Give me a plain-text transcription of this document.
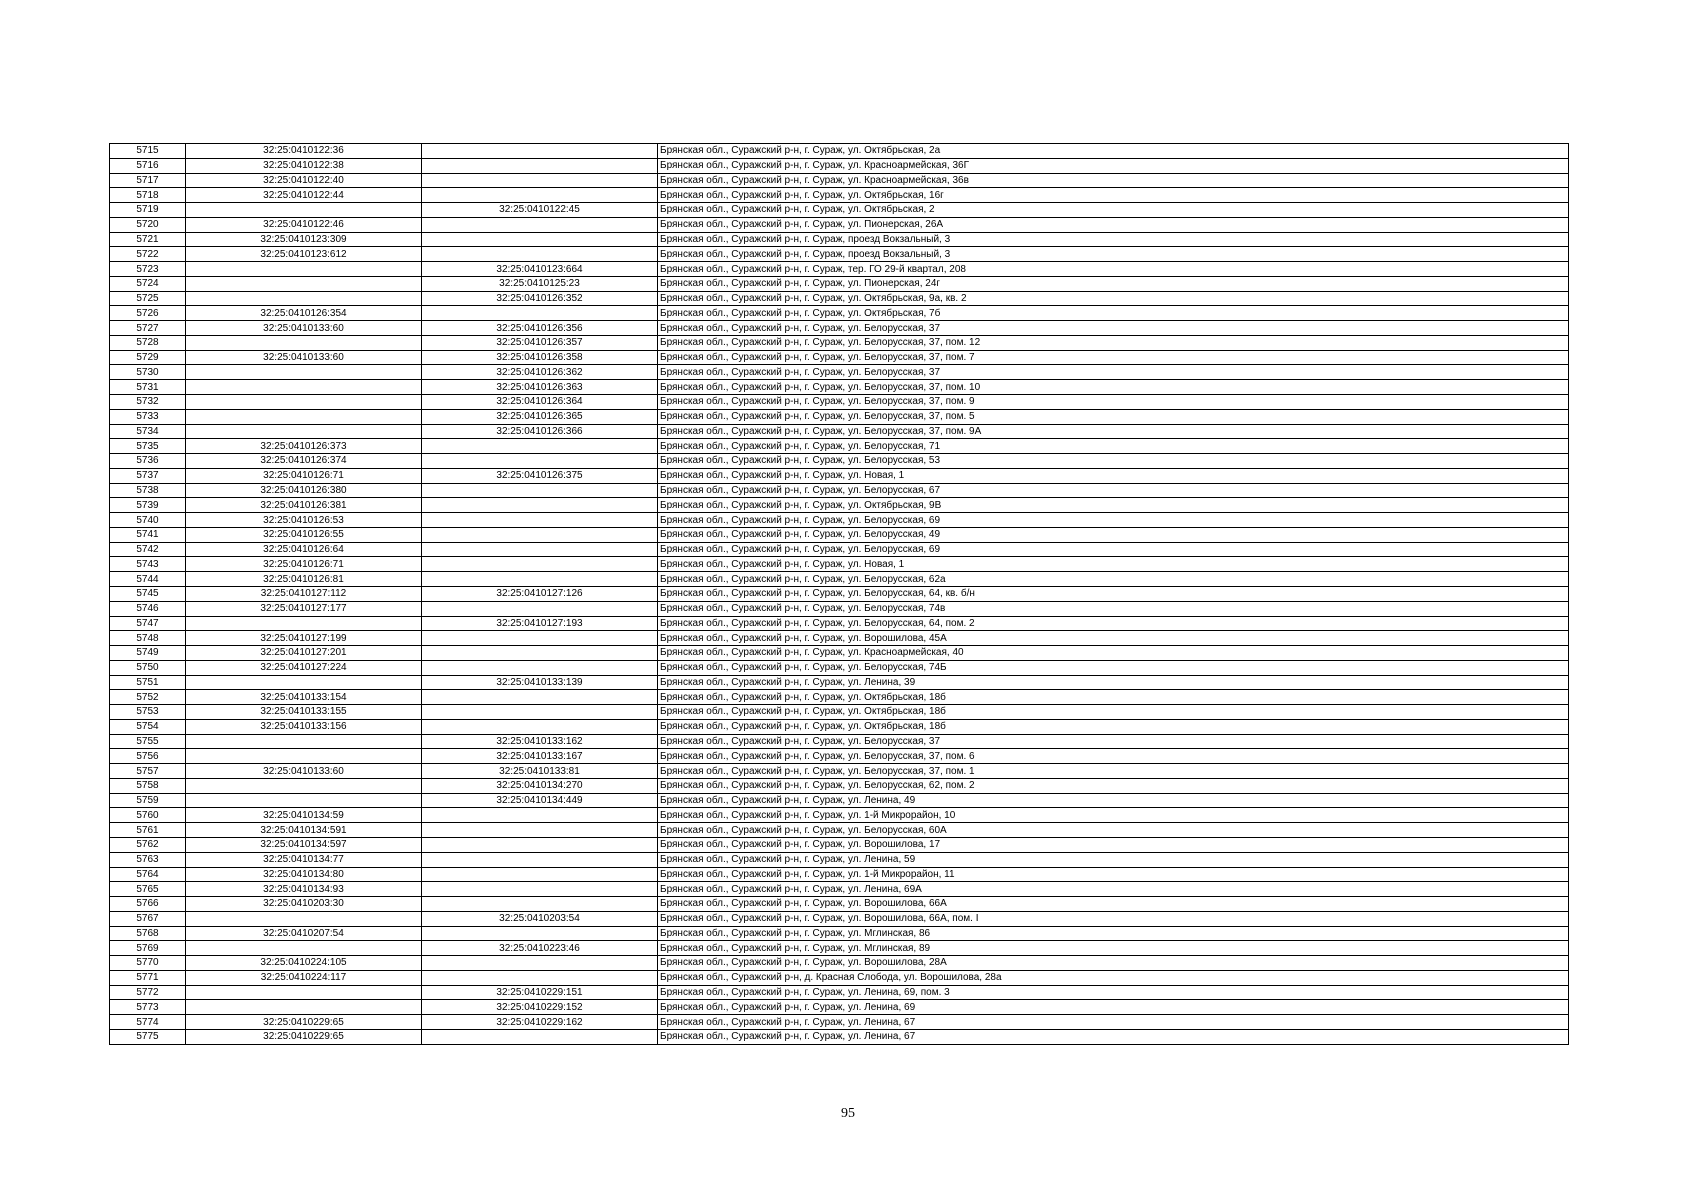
5715	32:25:0410122:36		Брянская обл., Суражский р-н, г. Сураж, ул. Октябрьская, 2а
5716	32:25:0410122:38		Брянская обл., Суражский р-н, г. Сураж, ул. Красноармейская, 36Г
5717	32:25:0410122:40		Брянская обл., Суражский р-н, г. Сураж, ул. Красноармейская, 36в
5718	32:25:0410122:44		Брянская обл., Суражский р-н, г. Сураж, ул. Октябрьская, 16г
5719		32:25:0410122:45	Брянская обл., Суражский р-н, г. Сураж, ул. Октябрьская, 2
5720	32:25:0410122:46		Брянская обл., Суражский р-н, г. Сураж, ул. Пионерская, 26А
5721	32:25:0410123:309		Брянская обл., Суражский р-н, г. Сураж, проезд Вокзальный, 3
5722	32:25:0410123:612		Брянская обл., Суражский р-н, г. Сураж, проезд Вокзальный, 3
5723		32:25:0410123:664	Брянская обл., Суражский р-н, г. Сураж, тер. ГО 29-й квартал, 208
5724		32:25:0410125:23	Брянская обл., Суражский р-н, г. Сураж, ул. Пионерская, 24г
5725		32:25:0410126:352	Брянская обл., Суражский р-н, г. Сураж, ул. Октябрьская, 9а, кв. 2
5726	32:25:0410126:354		Брянская обл., Суражский р-н, г. Сураж, ул. Октябрьская, 7б
5727	32:25:0410133:60	32:25:0410126:356	Брянская обл., Суражский р-н, г. Сураж, ул. Белорусская, 37
5728		32:25:0410126:357	Брянская обл., Суражский р-н, г. Сураж, ул. Белорусская, 37, пом. 12
5729	32:25:0410133:60	32:25:0410126:358	Брянская обл., Суражский р-н, г. Сураж, ул. Белорусская, 37, пом. 7
5730		32:25:0410126:362	Брянская обл., Суражский р-н, г. Сураж, ул. Белорусская, 37
5731		32:25:0410126:363	Брянская обл., Суражский р-н, г. Сураж, ул. Белорусская, 37, пом. 10
5732		32:25:0410126:364	Брянская обл., Суражский р-н, г. Сураж, ул. Белорусская, 37, пом. 9
5733		32:25:0410126:365	Брянская обл., Суражский р-н, г. Сураж, ул. Белорусская, 37, пом. 5
5734		32:25:0410126:366	Брянская обл., Суражский р-н, г. Сураж, ул. Белорусская, 37, пом. 9А
5735	32:25:0410126:373		Брянская обл., Суражский р-н, г. Сураж, ул. Белорусская, 71
5736	32:25:0410126:374		Брянская обл., Суражский р-н, г. Сураж, ул. Белорусская, 53
5737	32:25:0410126:71	32:25:0410126:375	Брянская обл., Суражский р-н, г. Сураж, ул. Новая, 1
5738	32:25:0410126:380		Брянская обл., Суражский р-н, г. Сураж, ул. Белорусская, 67
5739	32:25:0410126:381		Брянская обл., Суражский р-н, г. Сураж, ул. Октябрьская, 9В
5740	32:25:0410126:53		Брянская обл., Суражский р-н, г. Сураж, ул. Белорусская, 69
5741	32:25:0410126:55		Брянская обл., Суражский р-н, г. Сураж, ул. Белорусская, 49
5742	32:25:0410126:64		Брянская обл., Суражский р-н, г. Сураж, ул. Белорусская, 69
5743	32:25:0410126:71		Брянская обл., Суражский р-н, г. Сураж, ул. Новая, 1
5744	32:25:0410126:81		Брянская обл., Суражский р-н, г. Сураж, ул. Белорусская, 62а
5745	32:25:0410127:112	32:25:0410127:126	Брянская обл., Суражский р-н, г. Сураж, ул. Белорусская, 64, кв. б/н
5746	32:25:0410127:177		Брянская обл., Суражский р-н, г. Сураж, ул. Белорусская, 74в
5747		32:25:0410127:193	Брянская обл., Суражский р-н, г. Сураж, ул. Белорусская, 64, пом. 2
5748	32:25:0410127:199		Брянская обл., Суражский р-н, г. Сураж, ул. Ворошилова, 45А
5749	32:25:0410127:201		Брянская обл., Суражский р-н, г. Сураж, ул. Красноармейская, 40
5750	32:25:0410127:224		Брянская обл., Суражский р-н, г. Сураж, ул. Белорусская, 74Б
5751		32:25:0410133:139	Брянская обл., Суражский р-н, г. Сураж, ул. Ленина, 39
5752	32:25:0410133:154		Брянская обл., Суражский р-н, г. Сураж, ул. Октябрьская, 18б
5753	32:25:0410133:155		Брянская обл., Суражский р-н, г. Сураж, ул. Октябрьская, 18б
5754	32:25:0410133:156		Брянская обл., Суражский р-н, г. Сураж, ул. Октябрьская, 18б
5755		32:25:0410133:162	Брянская обл., Суражский р-н, г. Сураж, ул. Белорусская, 37
5756		32:25:0410133:167	Брянская обл., Суражский р-н, г. Сураж, ул. Белорусская, 37, пом. 6
5757	32:25:0410133:60	32:25:0410133:81	Брянская обл., Суражский р-н, г. Сураж, ул. Белорусская, 37, пом. 1
5758		32:25:0410134:270	Брянская обл., Суражский р-н, г. Сураж, ул. Белорусская, 62, пом. 2
5759		32:25:0410134:449	Брянская обл., Суражский р-н, г. Сураж, ул. Ленина, 49
5760	32:25:0410134:59		Брянская обл., Суражский р-н, г. Сураж, ул. 1-й Микрорайон, 10
5761	32:25:0410134:591		Брянская обл., Суражский р-н, г. Сураж, ул. Белорусская, 60А
5762	32:25:0410134:597		Брянская обл., Суражский р-н, г. Сураж, ул. Ворошилова, 17
5763	32:25:0410134:77		Брянская обл., Суражский р-н, г. Сураж, ул. Ленина, 59
5764	32:25:0410134:80		Брянская обл., Суражский р-н, г. Сураж, ул. 1-й Микрорайон, 11
5765	32:25:0410134:93		Брянская обл., Суражский р-н, г. Сураж, ул. Ленина, 69А
5766	32:25:0410203:30		Брянская обл., Суражский р-н, г. Сураж, ул. Ворошилова, 66А
5767		32:25:0410203:54	Брянская обл., Суражский р-н, г. Сураж, ул. Ворошилова, 66А, пом. I
5768	32:25:0410207:54		Брянская обл., Суражский р-н, г. Сураж, ул. Мглинская, 86
5769		32:25:0410223:46	Брянская обл., Суражский р-н, г. Сураж, ул. Мглинская, 89
5770	32:25:0410224:105		Брянская обл., Суражский р-н, г. Сураж, ул. Ворошилова, 28А
5771	32:25:0410224:117		Брянская обл., Суражский р-н, д. Красная Слобода, ул. Ворошилова, 28а
5772		32:25:0410229:151	Брянская обл., Суражский р-н, г. Сураж, ул. Ленина, 69, пом. 3
5773		32:25:0410229:152	Брянская обл., Суражский р-н, г. Сураж, ул. Ленина, 69
5774	32:25:0410229:65	32:25:0410229:162	Брянская обл., Суражский р-н, г. Сураж, ул. Ленина, 67
5775	32:25:0410229:65		Брянская обл., Суражский р-н, г. Сураж, ул. Ленина, 67
95
